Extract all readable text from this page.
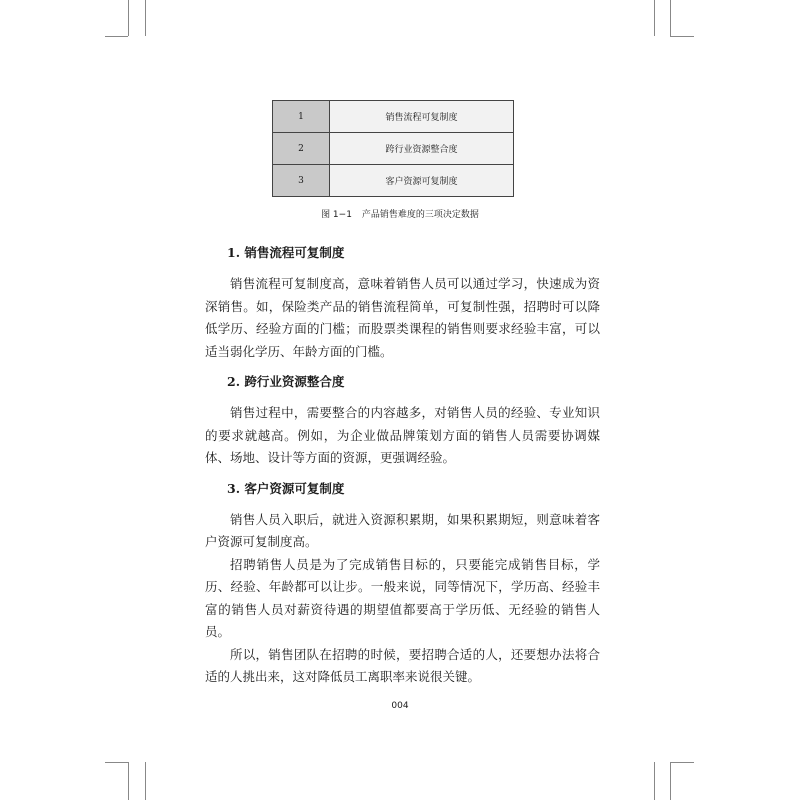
1	销售流程可复制度
2	跨行业资源整合度
3	客户资源可复制度
图 1−1 产品销售难度的三项决定数据

1. 销售流程可复制度

销售流程可复制度高，意味着销售人员可以通过学习，快速成为资深销售。如，保险类产品的销售流程简单，可复制性强，招聘时可以降低学历、经验方面的门槛；而股票类课程的销售则要求经验丰富，可以适当弱化学历、年龄方面的门槛。

2. 跨行业资源整合度

销售过程中，需要整合的内容越多，对销售人员的经验、专业知识的要求就越高。例如，为企业做品牌策划方面的销售人员需要协调媒体、场地、设计等方面的资源，更强调经验。

3. 客户资源可复制度

销售人员入职后，就进入资源积累期，如果积累期短，则意味着客户资源可复制度高。

招聘销售人员是为了完成销售目标的，只要能完成销售目标，学历、经验、年龄都可以让步。一般来说，同等情况下，学历高、经验丰富的销售人员对薪资待遇的期望值都要高于学历低、无经验的销售人员。

所以，销售团队在招聘的时候，要招聘合适的人，还要想办法将合适的人挑出来，这对降低员工离职率来说很关键。

004
